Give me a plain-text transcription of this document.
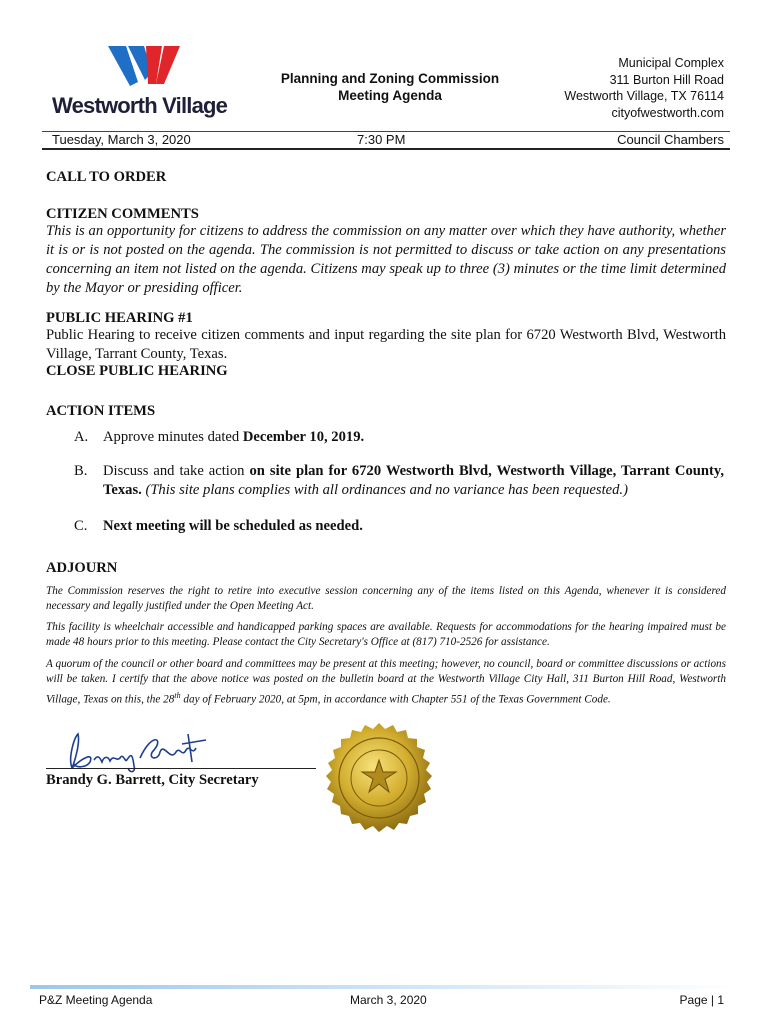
Westworth Village
Planning and Zoning Commission
Meeting Agenda
Municipal Complex
311 Burton Hill Road
Westworth Village, TX 76114
cityofwestworth.com
Tuesday, March 3, 2020	7:30 PM	Council Chambers
CALL TO ORDER
CITIZEN COMMENTS
This is an opportunity for citizens to address the commission on any matter over which they have authority, whether it is or is not posted on the agenda. The commission is not permitted to discuss or take action on any presentations concerning an item not listed on the agenda. Citizens may speak up to three (3) minutes or the time limit determined by the Mayor or presiding officer.
PUBLIC HEARING #1
Public Hearing to receive citizen comments and input regarding the site plan for 6720 Westworth Blvd, Westworth Village, Tarrant County, Texas.
CLOSE PUBLIC HEARING
ACTION ITEMS
A. Approve minutes dated December 10, 2019.
B. Discuss and take action on site plan for 6720 Westworth Blvd, Westworth Village, Tarrant County, Texas. (This site plans complies with all ordinances and no variance has been requested.)
C. Next meeting will be scheduled as needed.
ADJOURN
The Commission reserves the right to retire into executive session concerning any of the items listed on this Agenda, whenever it is considered necessary and legally justified under the Open Meeting Act.
This facility is wheelchair accessible and handicapped parking spaces are available. Requests for accommodations for the hearing impaired must be made 48 hours prior to this meeting. Please contact the City Secretary's Office at (817) 710-2526 for assistance.
A quorum of the council or other board and committees may be present at this meeting; however, no council, board or committee discussions or actions will be taken. I certify that the above notice was posted on the bulletin board at the Westworth Village City Hall, 311 Burton Hill Road, Westworth Village, Texas on this, the 28th day of February 2020, at 5pm, in accordance with Chapter 551 of the Texas Government Code.
Brandy G. Barrett, City Secretary
P&Z Meeting Agenda	March 3, 2020	Page | 1
